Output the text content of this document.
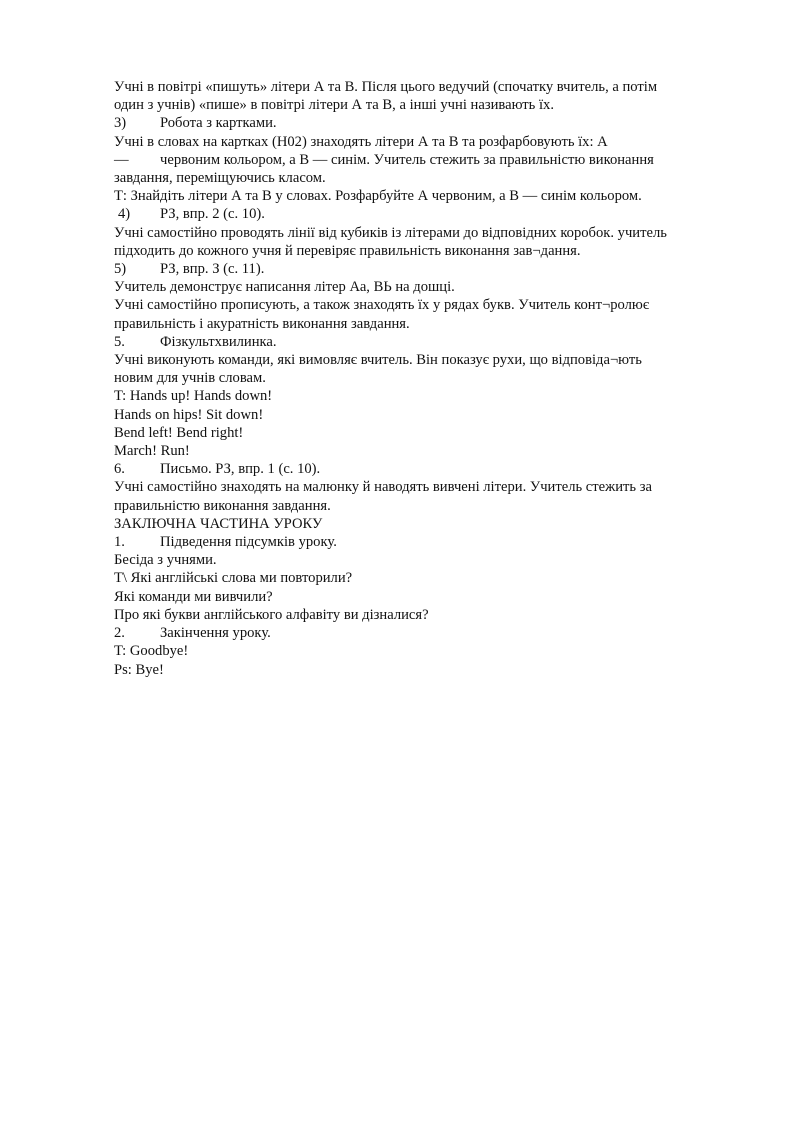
Учні в повітрі «пишуть» літери А та В. Після цього ведучий (спочатку вчитель, а потім
один з учнів) «пише» в повітрі літери А та В, а інші учні називають їх.
3) Робота з картками.
Учні в словах на картках (Н02) знаходять літери А та В та розфарбовують їх: А
— червоним кольором, а В — синім. Учитель стежить за правильністю виконання
завдання, переміщуючись класом.
Т: Знайдіть літери А та В у словах. Розфарбуйте А червоним, а В — синім кольором.
4) РЗ, впр. 2 (с. 10).
Учні самостійно проводять лінії від кубиків із літерами до відповідних коробок. учитель
підходить до кожного учня й перевіряє правильність виконання зав¬дання.
5) РЗ, впр. З (с. 11).
Учитель демонструє написання літер Аа, ВЬ на дошці.
Учні самостійно прописують, а також знаходять їх у рядах букв. Учитель конт¬ролює
правильність і акуратність виконання завдання.
5. Фізкультхвилинка.
Учні виконують команди, які вимовляє вчитель. Він показує рухи, що відповіда¬ють
новим для учнів словам.
T: Hands up! Hands down!
Hands on hips! Sit down!
Bend left! Bend right!
March! Run!
6. Письмо. РЗ, впр. 1 (с. 10).
Учні самостійно знаходять на малюнку й наводять вивчені літери. Учитель стежить за
правильністю виконання завдання.
ЗАКЛЮЧНА ЧАСТИНА УРОКУ
1. Підведення підсумків уроку.
Бесіда з учнями.
Т\ Які англійські слова ми повторили?
Які команди ми вивчили?
Про які букви англійського алфавіту ви дізналися?
2. Закінчення уроку.
T: Goodbye!
Ps: Bye!
